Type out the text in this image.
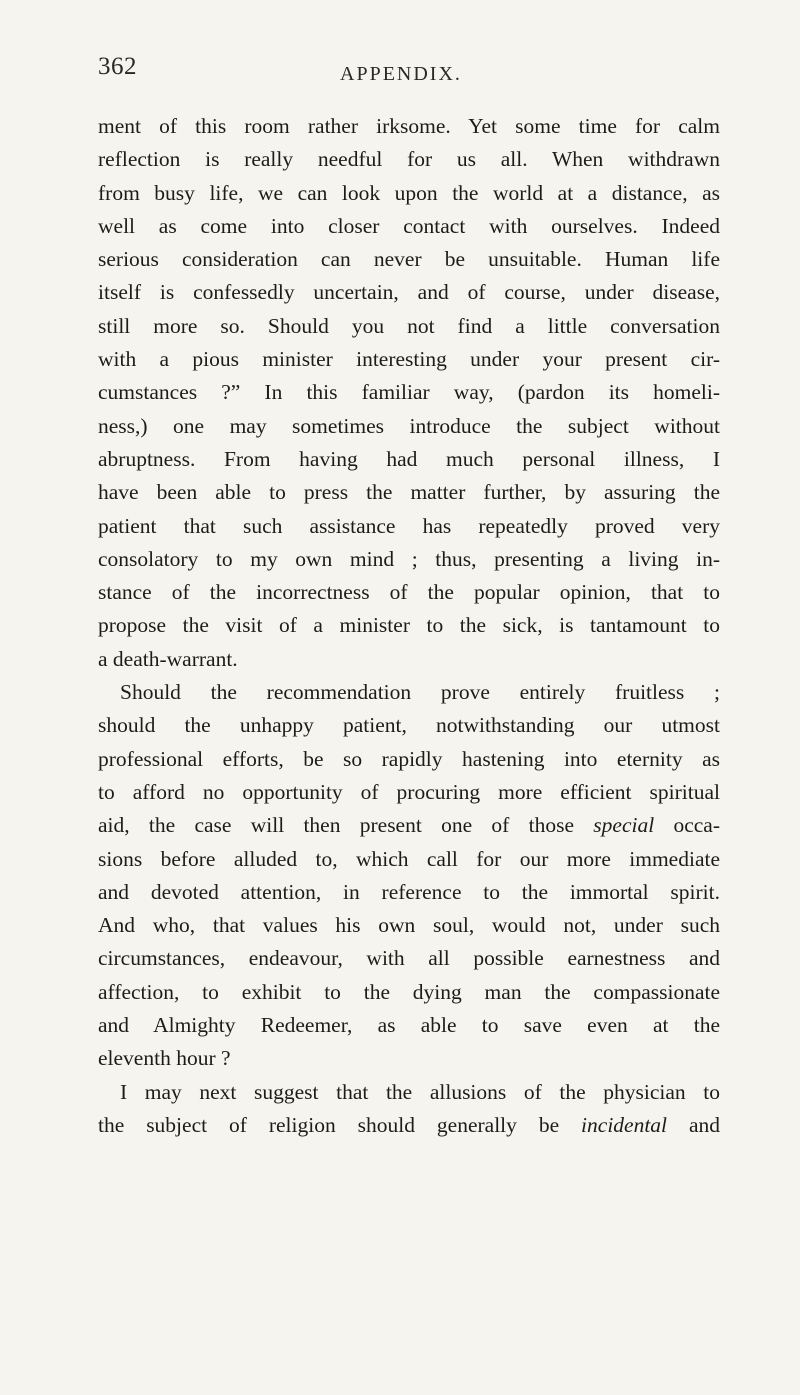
362	APPENDIX.
ment of this room rather irksome. Yet some time for calm
reflection is really needful for us all. When withdrawn
from busy life, we can look upon the world at a distance, as
well as come into closer contact with ourselves. Indeed
serious consideration can never be unsuitable. Human life
itself is confessedly uncertain, and of course, under disease,
still more so. Should you not find a little conversation
with a pious minister interesting under your present cir-
cumstances ?” In this familiar way, (pardon its homeli-
ness,) one may sometimes introduce the subject without
abruptness. From having had much personal illness, I
have been able to press the matter further, by assuring the
patient that such assistance has repeatedly proved very
consolatory to my own mind ; thus, presenting a living in-
stance of the incorrectness of the popular opinion, that to
propose the visit of a minister to the sick, is tantamount to
a death-warrant.
Should the recommendation prove entirely fruitless ;
should the unhappy patient, notwithstanding our utmost
professional efforts, be so rapidly hastening into eternity as
to afford no opportunity of procuring more efficient spiritual
aid, the case will then present one of those special occa-
sions before alluded to, which call for our more immediate
and devoted attention, in reference to the immortal spirit.
And who, that values his own soul, would not, under such
circumstances, endeavour, with all possible earnestness and
affection, to exhibit to the dying man the compassionate
and Almighty Redeemer, as able to save even at the
eleventh hour ?
I may next suggest that the allusions of the physician to
the subject of religion should generally be incidental and
